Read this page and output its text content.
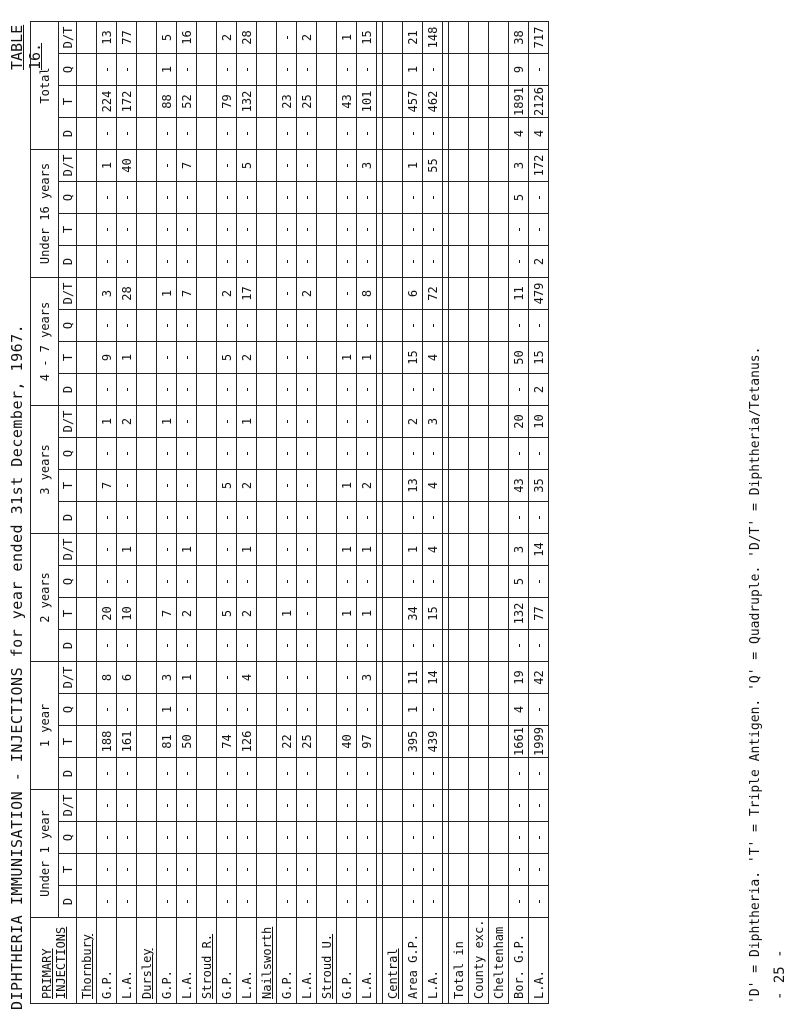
DIPHTHERIA IMMUNISATION - INJECTIONS for year ended 31st December, 1967.
TABLE 16.
PRIMARY INJECTIONS	Under 1 year				1 year				2 years				3 years				4 - 7 years				Under 16 years				Total			
	D	T	Q	D/T	D	T	Q	D/T	D	T	Q	D/T	D	T	Q	D/T	D	T	Q	D/T	D	T	Q	D/T	D	T	Q	D/T
Thornbury																												
G.P.	-	-	-	-	-	188	-	8	-	20	-	-	-	7	-	1	-	9	-	3	-	-	-	1	-	224	-	13
L.A.	-	-	-	-	-	161	-	6	-	10	-	1	-	-	-	2	-	1	-	28	-	-	-	40	-	172	-	77
Dursley																												
G.P.	-	-	-	-	-	81	1	3	-	7	-	-	-	-	-	1	-	-	-	1	-	-	-	-	-	88	1	5
L.A.	-	-	-	-	-	50	-	1	-	2	-	1	-	-	-	-	-	-	-	7	-	-	-	7	-	52	-	16
Stroud R.																												
G.P.	-	-	-	-	-	74	-	-	-	5	-	-	-	5	-	-	-	5	-	2	-	-	-	-	-	79	-	2
L.A.	-	-	-	-	-	126	-	4	-	2	-	1	-	2	-	1	-	2	-	17	-	-	-	5	-	132	-	28
Nailsworth																												
G.P.	-	-	-	-	-	22	-	-	-	1	-	-	-	-	-	-	-	-	-	-	-	-	-	-	-	23	-	-
L.A.	-	-	-	-	-	25	-	-	-	-	-	-	-	-	-	-	-	-	-	2	-	-	-	-	-	25	-	2
Stroud U.																												
G.P.	-	-	-	-	-	40	-	-	-	1	-	1	-	1	-	-	-	1	-	-	-	-	-	-	-	43	-	1
L.A.	-	-	-	-	-	97	-	3	-	1	-	1	-	2	-	-	-	1	-	8	-	-	-	3	-	101	-	15

Central																												
Area G.P.	-	-	-	-	-	395	1	11	-	34	-	1	-	13	-	2	-	15	-	6	-	-	-	1	-	457	1	21
L.A.	-	-	-	-	-	439	-	14	-	15	-	4	-	4	-	3	-	4	-	72	-	-	-	55	-	462	-	148

Total in																												
County exc.																												
Cheltenham																												
Bor. G.P.	-	-	-	-	-	1661	4	19	-	132	5	3	-	43	-	20	-	50	-	11	-	-	5	3	4	1891	9	38
L.A.	-	-	-	-	-	1999	-	42	-	77	-	14	-	35	-	10	2	15	-	479	2	-	-	172	4	2126	-	717
'D' = Diphtheria. 'T' = Triple Antigen. 'Q' = Quadruple. 'D/T' = Diphtheria/Tetanus. - 25 -
